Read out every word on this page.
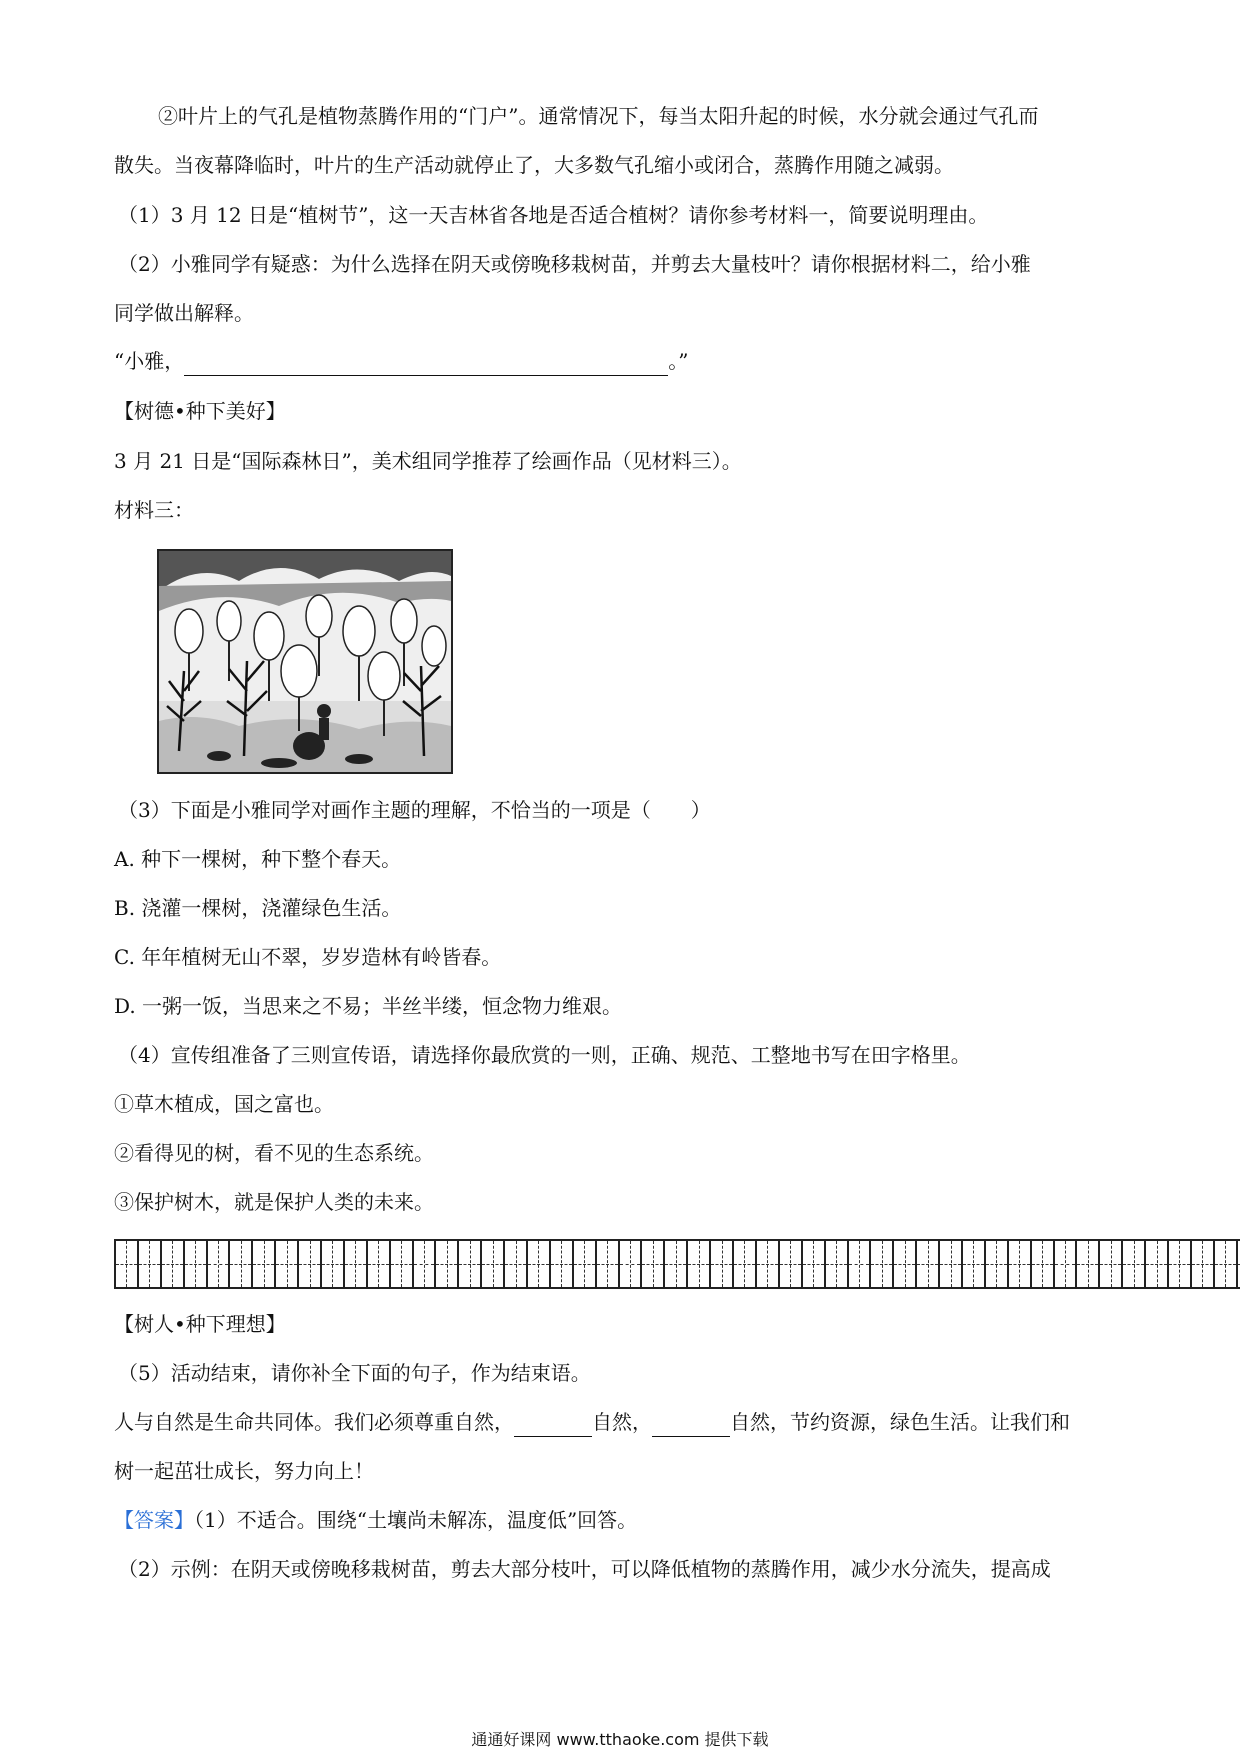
②叶片上的气孔是植物蒸腾作用的“门户”。通常情况下，每当太阳升起的时候，水分就会通过气孔而
散失。当夜幕降临时，叶片的生产活动就停止了，大多数气孔缩小或闭合，蒸腾作用随之减弱。
（1）3 月 12 日是“植树节”，这一天吉林省各地是否适合植树？请你参考材料一，简要说明理由。
（2）小雅同学有疑惑：为什么选择在阴天或傍晚移栽树苗，并剪去大量枝叶？请你根据材料二，给小雅
同学做出解释。
“小雅，	。”
【树德•种下美好】
3 月 21 日是“国际森林日”，美术组同学推荐了绘画作品（见材料三）。
材料三：
（3）下面是小雅同学对画作主题的理解，不恰当的一项是（　　）
A. 种下一棵树，种下整个春天。
B. 浇灌一棵树，浇灌绿色生活。
C. 年年植树无山不翠，岁岁造林有岭皆春。
D. 一粥一饭，当思来之不易；半丝半缕，恒念物力维艰。
（4）宣传组准备了三则宣传语，请选择你最欣赏的一则，正确、规范、工整地书写在田字格里。
①草木植成，国之富也。
②看得见的树，看不见的生态系统。
③保护树木，就是保护人类的未来。
【树人•种下理想】
（5）活动结束，请你补全下面的句子，作为结束语。
人与自然是生命共同体。我们必须尊重自然，	自然，	自然，节约资源，绿色生活。让我们和
树一起茁壮成长，努力向上！
【答案】（1）不适合。围绕“土壤尚未解冻，温度低”回答。
（2）示例：在阴天或傍晚移栽树苗，剪去大部分枝叶，可以降低植物的蒸腾作用，减少水分流失，提高成
通通好课网 www.tthaoke.com 提供下载
